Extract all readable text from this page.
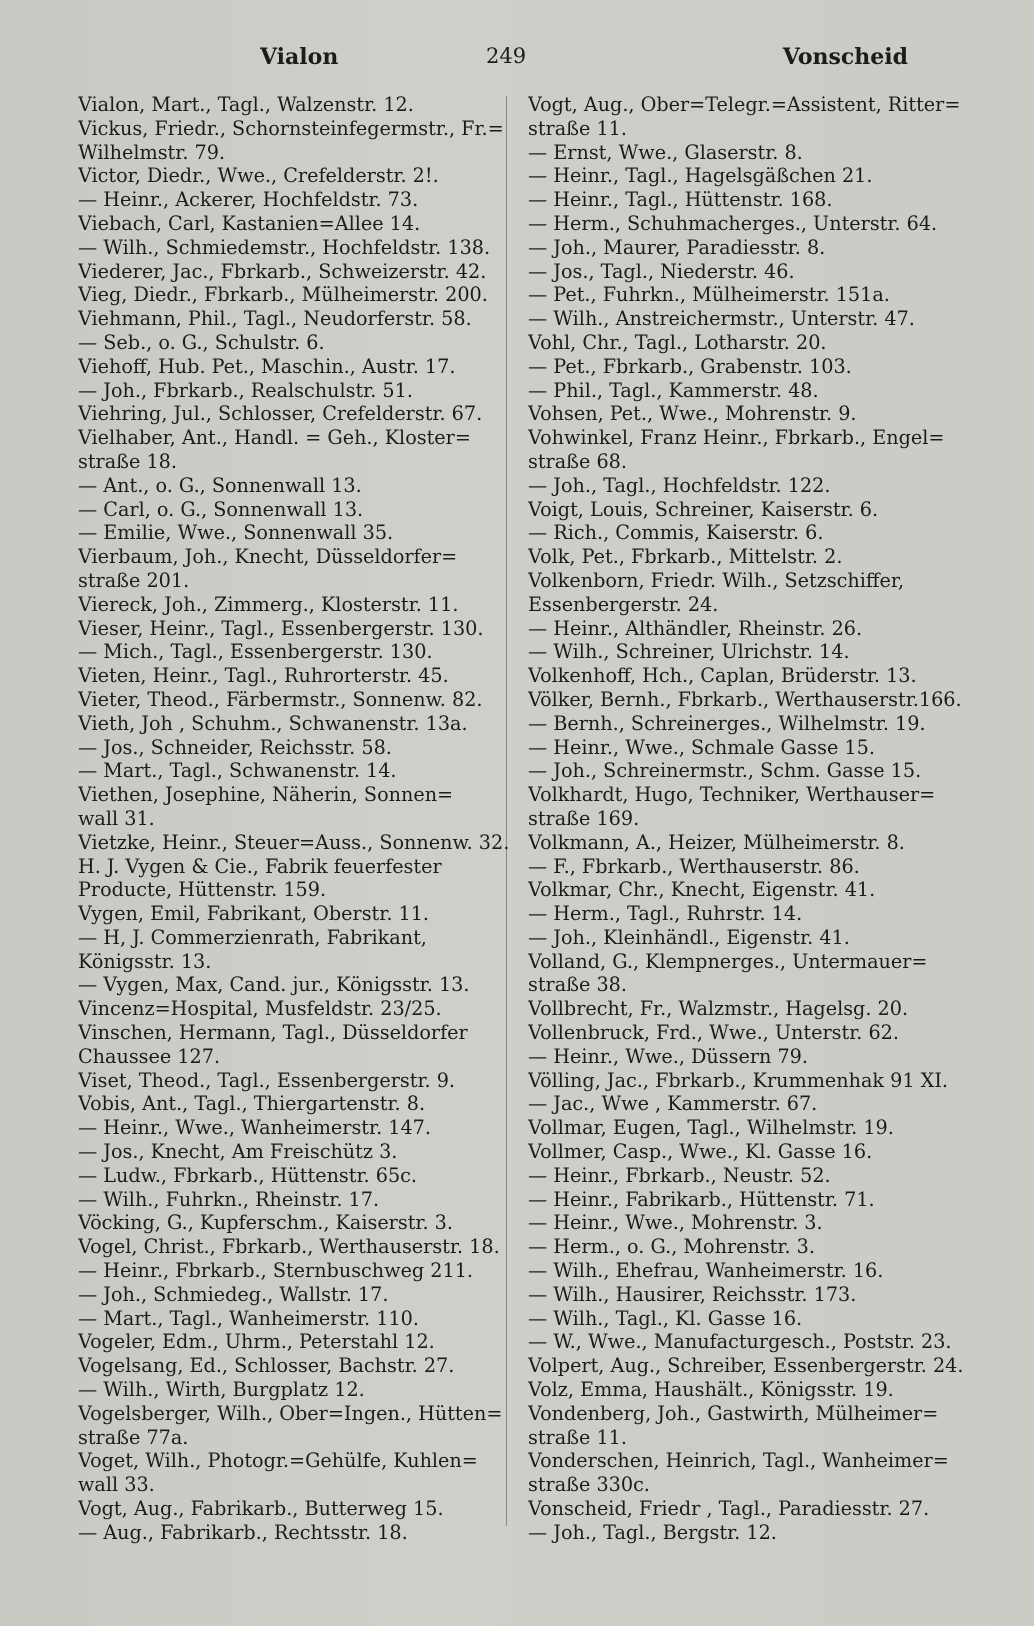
Vialon	249	Vonscheid
Vialon, Mart., Tagl., Walzenstr. 12.
Vickus, Friedr., Schornsteinfegermstr., Fr.=
Wilhelmstr. 79.
Victor, Diedr., Wwe., Crefelderstr. 2!.
— Heinr., Ackerer, Hochfeldstr. 73.
Viebach, Carl, Kastanien=Allee 14.
— Wilh., Schmiedemstr., Hochfeldstr. 138.
Viederer, Jac., Fbrkarb., Schweizerstr. 42.
Vieg, Diedr., Fbrkarb., Mülheimerstr. 200.
Viehmann, Phil., Tagl., Neudorferstr. 58.
— Seb., o. G., Schulstr. 6.
Viehoff, Hub. Pet., Maschin., Austr. 17.
— Joh., Fbrkarb., Realschulstr. 51.
Viehring, Jul., Schlosser, Crefelderstr. 67.
Vielhaber, Ant., Handl. = Geh., Kloster=
straße 18.
— Ant., o. G., Sonnenwall 13.
— Carl, o. G., Sonnenwall 13.
— Emilie, Wwe., Sonnenwall 35.
Vierbaum, Joh., Knecht, Düsseldorfer=
straße 201.
Viereck, Joh., Zimmerg., Klosterstr. 11.
Vieser, Heinr., Tagl., Essenbergerstr. 130.
— Mich., Tagl., Essenbergerstr. 130.
Vieten, Heinr., Tagl., Ruhrorterstr. 45.
Vieter, Theod., Färbermstr., Sonnenw. 82.
Vieth, Joh , Schuhm., Schwanenstr. 13a.
— Jos., Schneider, Reichsstr. 58.
— Mart., Tagl., Schwanenstr. 14.
Viethen, Josephine, Näherin, Sonnen=
wall 31.
Vietzke, Heinr., Steuer=Auss., Sonnenw. 32.
H. J. Vygen & Cie., Fabrik feuerfester
Producte, Hüttenstr. 159.
Vygen, Emil, Fabrikant, Oberstr. 11.
— H, J. Commerzienrath, Fabrikant,
Königsstr. 13.
— Vygen, Max, Cand. jur., Königsstr. 13.
Vincenz=Hospital, Musfeldstr. 23/25.
Vinschen, Hermann, Tagl., Düsseldorfer
Chaussee 127.
Viset, Theod., Tagl., Essenbergerstr. 9.
Vobis, Ant., Tagl., Thiergartenstr. 8.
— Heinr., Wwe., Wanheimerstr. 147.
— Jos., Knecht, Am Freischütz 3.
— Ludw., Fbrkarb., Hüttenstr. 65c.
— Wilh., Fuhrkn., Rheinstr. 17.
Vöcking, G., Kupferschm., Kaiserstr. 3.
Vogel, Christ., Fbrkarb., Werthauserstr. 18.
— Heinr., Fbrkarb., Sternbuschweg 211.
— Joh., Schmiedeg., Wallstr. 17.
— Mart., Tagl., Wanheimerstr. 110.
Vogeler, Edm., Uhrm., Peterstahl 12.
Vogelsang, Ed., Schlosser, Bachstr. 27.
— Wilh., Wirth, Burgplatz 12.
Vogelsberger, Wilh., Ober=Ingen., Hütten=
straße 77a.
Voget, Wilh., Photogr.=Gehülfe, Kuhlen=
wall 33.
Vogt, Aug., Fabrikarb., Butterweg 15.
— Aug., Fabrikarb., Rechtsstr. 18.
Vogt, Aug., Ober=Telegr.=Assistent, Ritter=
straße 11.
— Ernst, Wwe., Glaserstr. 8.
— Heinr., Tagl., Hagelsgäßchen 21.
— Heinr., Tagl., Hüttenstr. 168.
— Herm., Schuhmacherges., Unterstr. 64.
— Joh., Maurer, Paradiesstr. 8.
— Jos., Tagl., Niederstr. 46.
— Pet., Fuhrkn., Mülheimerstr. 151a.
— Wilh., Anstreichermstr., Unterstr. 47.
Vohl, Chr., Tagl., Lotharstr. 20.
— Pet., Fbrkarb., Grabenstr. 103.
— Phil., Tagl., Kammerstr. 48.
Vohsen, Pet., Wwe., Mohrenstr. 9.
Vohwinkel, Franz Heinr., Fbrkarb., Engel=
straße 68.
— Joh., Tagl., Hochfeldstr. 122.
Voigt, Louis, Schreiner, Kaiserstr. 6.
— Rich., Commis, Kaiserstr. 6.
Volk, Pet., Fbrkarb., Mittelstr. 2.
Volkenborn, Friedr. Wilh., Setzschiffer,
Essenbergerstr. 24.
— Heinr., Althändler, Rheinstr. 26.
— Wilh., Schreiner, Ulrichstr. 14.
Volkenhoff, Hch., Caplan, Brüderstr. 13.
Völker, Bernh., Fbrkarb., Werthauserstr.166.
— Bernh., Schreinerges., Wilhelmstr. 19.
— Heinr., Wwe., Schmale Gasse 15.
— Joh., Schreinermstr., Schm. Gasse 15.
Volkhardt, Hugo, Techniker, Werthauser=
straße 169.
Volkmann, A., Heizer, Mülheimerstr. 8.
— F., Fbrkarb., Werthauserstr. 86.
Volkmar, Chr., Knecht, Eigenstr. 41.
— Herm., Tagl., Ruhrstr. 14.
— Joh., Kleinhändl., Eigenstr. 41.
Volland, G., Klempnerges., Untermauer=
straße 38.
Vollbrecht, Fr., Walzmstr., Hagelsg. 20.
Vollenbruck, Frd., Wwe., Unterstr. 62.
— Heinr., Wwe., Düssern 79.
Völling, Jac., Fbrkarb., Krummenhak 91 XI.
— Jac., Wwe , Kammerstr. 67.
Vollmar, Eugen, Tagl., Wilhelmstr. 19.
Vollmer, Casp., Wwe., Kl. Gasse 16.
— Heinr., Fbrkarb., Neustr. 52.
— Heinr., Fabrikarb., Hüttenstr. 71.
— Heinr., Wwe., Mohrenstr. 3.
— Herm., o. G., Mohrenstr. 3.
— Wilh., Ehefrau, Wanheimerstr. 16.
— Wilh., Hausirer, Reichsstr. 173.
— Wilh., Tagl., Kl. Gasse 16.
— W., Wwe., Manufacturgesch., Poststr. 23.
Volpert, Aug., Schreiber, Essenbergerstr. 24.
Volz, Emma, Haushält., Königsstr. 19.
Vondenberg, Joh., Gastwirth, Mülheimer=
straße 11.
Vonderschen, Heinrich, Tagl., Wanheimer=
straße 330c.
Vonscheid, Friedr , Tagl., Paradiesstr. 27.
— Joh., Tagl., Bergstr. 12.
